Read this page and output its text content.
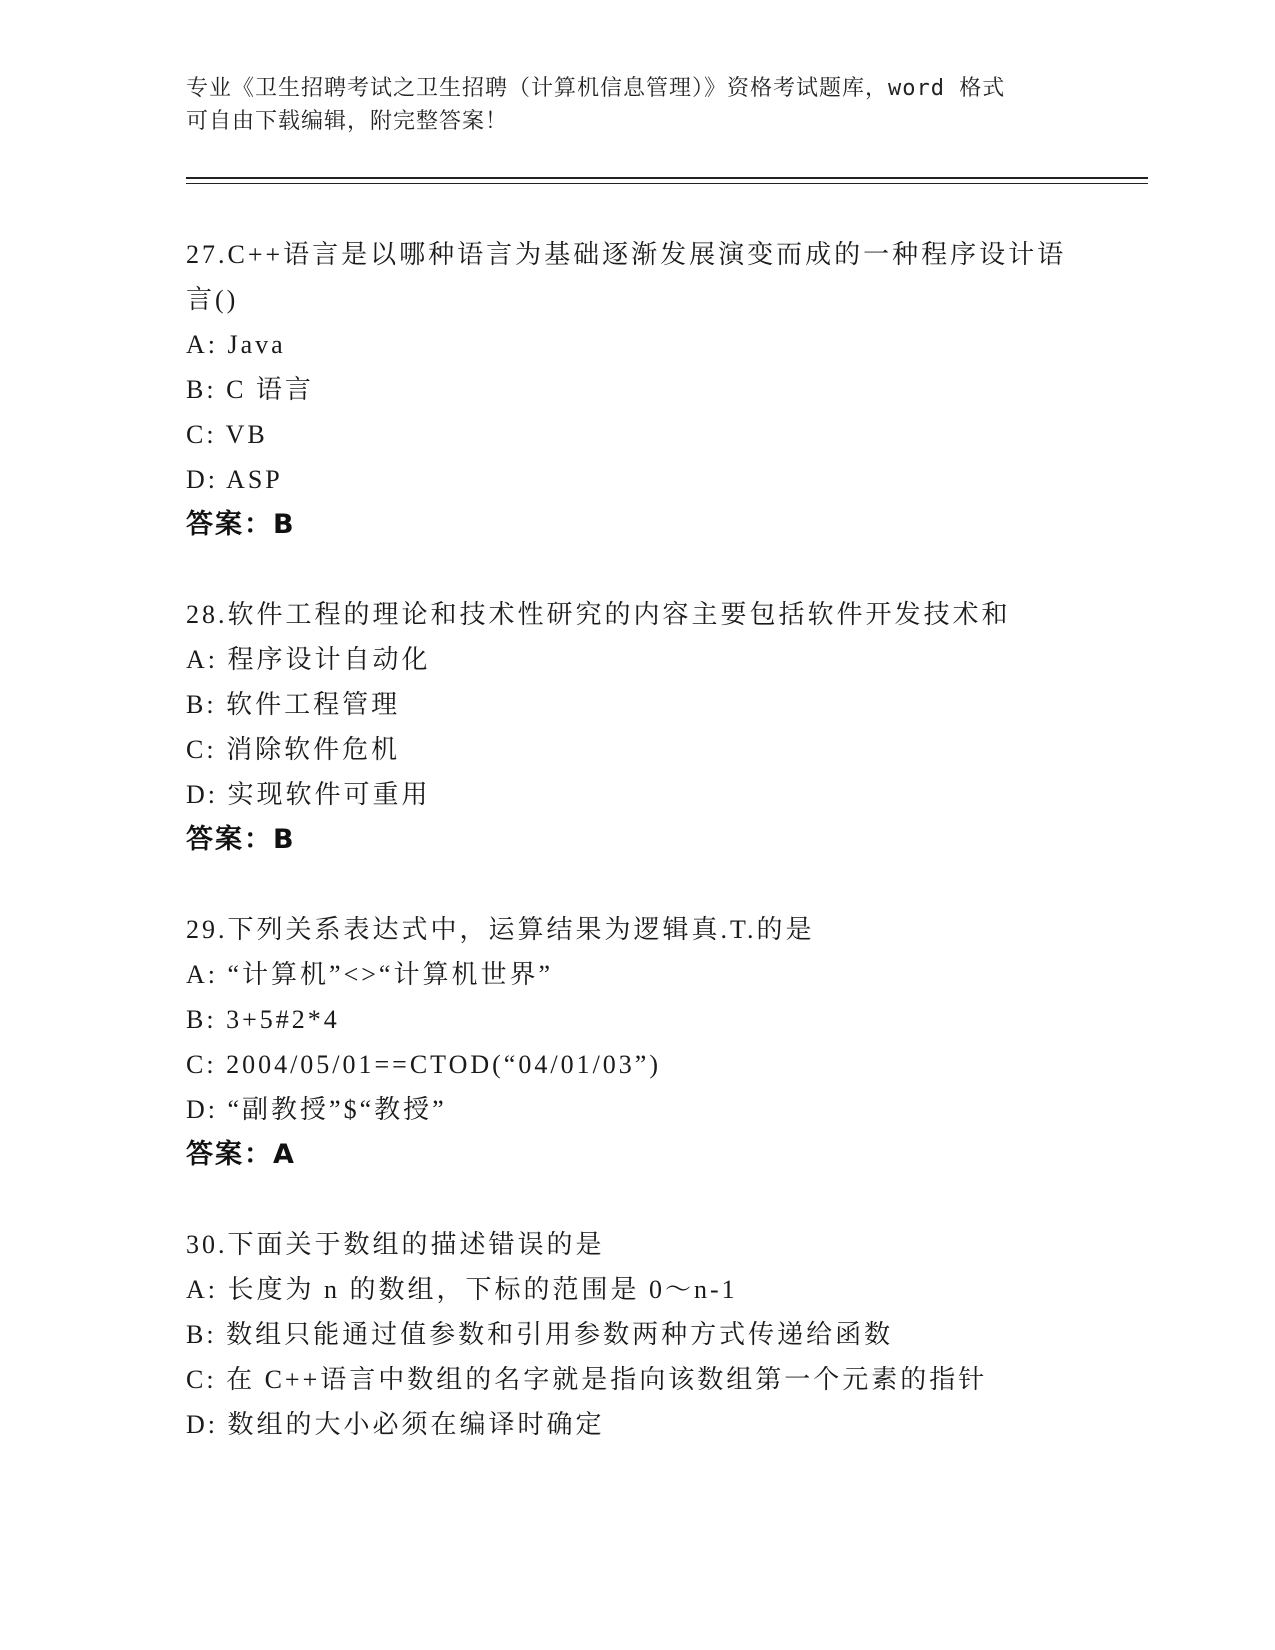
专业《卫生招聘考试之卫生招聘（计算机信息管理）》资格考试题库，word 格式
可自由下载编辑，附完整答案！

27.C++语言是以哪种语言为基础逐渐发展演变而成的一种程序设计语

言()

A: Java

B: C 语言

C: VB

D: ASP

答案：B

28.软件工程的理论和技术性研究的内容主要包括软件开发技术和

A: 程序设计自动化

B: 软件工程管理

C: 消除软件危机

D: 实现软件可重用

答案：B

29.下列关系表达式中，运算结果为逻辑真.T.的是

A: “计算机”<>“计算机世界”

B: 3+5#2*4

C: 2004/05/01==CTOD(“04/01/03”)

D: “副教授”$“教授”

答案：A

30.下面关于数组的描述错误的是

A: 长度为 n 的数组，下标的范围是 0～n-1

B: 数组只能通过值参数和引用参数两种方式传递给函数

C: 在 C++语言中数组的名字就是指向该数组第一个元素的指针

D: 数组的大小必须在编译时确定
